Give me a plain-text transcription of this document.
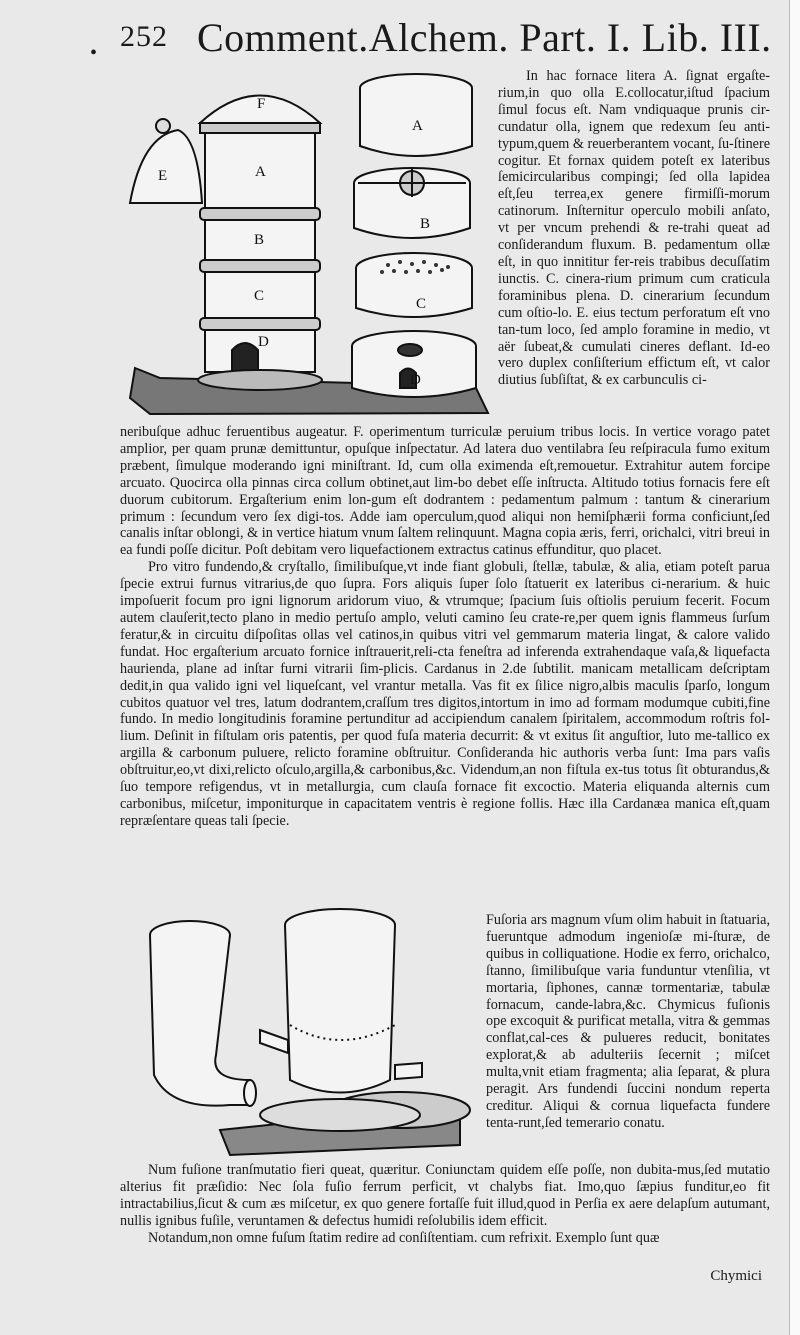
• 252 Comment.Alchem. Part. I. Lib. III.
F
A
B
C
D
E
A
B
C
D

In hac fornace litera A. ſignat ergaſte-rium,in quo olla E.collocatur,iſtud ſpacium ſimul focus eſt. Nam vndiquaque prunis cir-cundatur olla, ignem que redexum ſeu anti-typum,quem & reuerberantem vocant, ſu-ſtinere cogitur. Et fornax quidem poteſt ex lateribus ſemicircularibus compingi; ſed olla lapidea eſt,ſeu terrea,ex genere firmiſſi-morum catinorum. Inſternitur operculo mobili anſato, vt per vncum prehendi & re-trahi queat ad conſiderandum fluxum. B. pedamentum ollæ eſt, in quo innititur fer-reis trabibus decuſſatim iunctis. C. cinera-rium primum cum craticula foraminibus plena. D. cinerarium ſecundum cum oſtio-lo. E. eius tectum perforatum eſt vno tan-tum loco, ſed amplo foramine in medio, vt aër ſubeat,& cumulati cineres deflant. Id-eo vero duplex conſiſterium effictum eſt, vt calor diutius ſubſiſtat, & ex carbunculis ci-

neribuſque adhuc feruentibus augeatur. F. operimentum turriculæ peruium tribus locis. In vertice vorago patet amplior, per quam prunæ demittuntur, opuſque inſpectatur. Ad latera duo ventilabra ſeu reſpiracula fumo exitum præbent, ſimulque moderando igni miniſtrant. Id, cum olla eximenda eſt,remouetur. Extrahitur autem forcipe arcuato. Quocirca olla pinnas circa collum obtinet,aut lim-bo debet eſſe inſtructa. Altitudo totius fornacis fere eſt duorum cubitorum. Ergaſterium enim lon-gum eſt dodrantem : pedamentum palmum : tantum & cinerarium primum : ſecundum vero ſex digi-tos. Adde iam operculum,quod aliqui non hemiſphærii forma conficiunt,ſed canalis inſtar oblongi, & in vertice hiatum vnum ſaltem relinquunt. Magna copia æris, ferri, orichalci, vitri breui in ea fundi poſſe dicitur. Poſt debitam vero liquefactionem extractus catinus effunditur, quo placet.

Pro vitro fundendo,& cryſtallo, ſimilibuſque,vt inde fiant globuli, ſtellæ, tabulæ, & alia, etiam poteſt parua ſpecie extrui furnus vitrarius,de quo ſupra. Fors aliquis ſuper ſolo ſtatuerit ex lateribus ci-nerarium. & huic impoſuerit focum pro igni lignorum aridorum viuo, & vtrumque; ſpacium ſuis oſtiolis peruium fecerit. Focum autem clauſerit,tecto plano in medio pertuſo amplo, veluti camino ſeu crate-re,per quem ignis flammeus ſurſum feratur,& in circuitu diſpoſitas ollas vel catinos,in quibus vitri vel gemmarum materia lingat, & calore valido fundat. Hoc ergaſterium arcuato fornice inſtrauerit,reli-cta feneſtra ad inferenda extrahendaque vaſa,& liquefacta haurienda, plane ad inſtar furni vitrarii ſim-plicis. Cardanus in 2.de ſubtilit. manicam metallicam deſcriptam dedit,in qua valido igni vel liqueſcant, vel vrantur metalla. Vas fit ex ſilice nigro,albis maculis ſparſo, longum cubitos quatuor vel tres, latum dodrantem,craſſum tres digitos,intortum in imo ad formam modumque cubiti,fine fundo. In medio longitudinis foramine pertunditur ad accipiendum canalem ſpiritalem, accommodum roſtris fol-lium. Deſinit in fiſtulam oris patentis, per quod fuſa materia decurrit: & vt exitus ſit anguſtior, luto me-tallico ex argilla & carbonum puluere, relicto foramine obſtruitur. Conſideranda hic authoris verba ſunt: Ima pars vaſis obſtruitur,eo,vt dixi,relicto oſculo,argilla,& carbonibus,&c. Videndum,an non fiſtula ex-tus totus ſit obturandus,& ſuo tempore refigendus, vt in metallurgia, cum clauſa fornace fit excoctio. Materia eliquanda alternis cum carbonibus, miſcetur, imponiturque in capacitatem ventris è regione follis. Hæc illa Cardanæa manica eſt,quam repræſentare queas tali ſpecie.

Fuſoria ars magnum vſum olim habuit in ſtatuaria, fueruntque admodum ingenioſæ mi-ſturæ, de quibus in colliquatione. Hodie ex ferro, orichalco, ſtanno, ſimilibuſque varia funduntur vtenſilia, vt mortaria, ſiphones, cannæ tormentariæ, tabulæ fornacum, cande-labra,&c. Chymicus fuſionis ope excoquit & purificat metalla, vitra & gemmas conflat,cal-ces & pulueres reducit, bonitates explorat,& ab adulteriis ſecernit ; miſcet multa,vnit etiam fragmenta; alia ſeparat, & plura peragit. Ars fundendi ſuccini nondum reperta creditur. Aliqui & cornua liquefacta fundere tenta-runt,ſed temerario conatu.

Num fuſione tranſmutatio fieri queat, quæritur. Coniunctam quidem eſſe poſſe, non dubita-mus,ſed mutatio alterius fit præſidio: Nec ſola fuſio ferrum perficit, vt chalybs fiat. Imo,quo ſæpius funditur,eo fit intractabilius,ſicut & cum æs miſcetur, ex quo genere fortaſſe fuit illud,quod in Perſia ex aere delapſum autumant, nullis ignibus fuſile, veruntamen & defectus humidi reſolubilis idem efficit.

Notandum,non omne fuſum ſtatim redire ad conſiſtentiam. cum refrixit. Exemplo ſunt quæ

Chymici
